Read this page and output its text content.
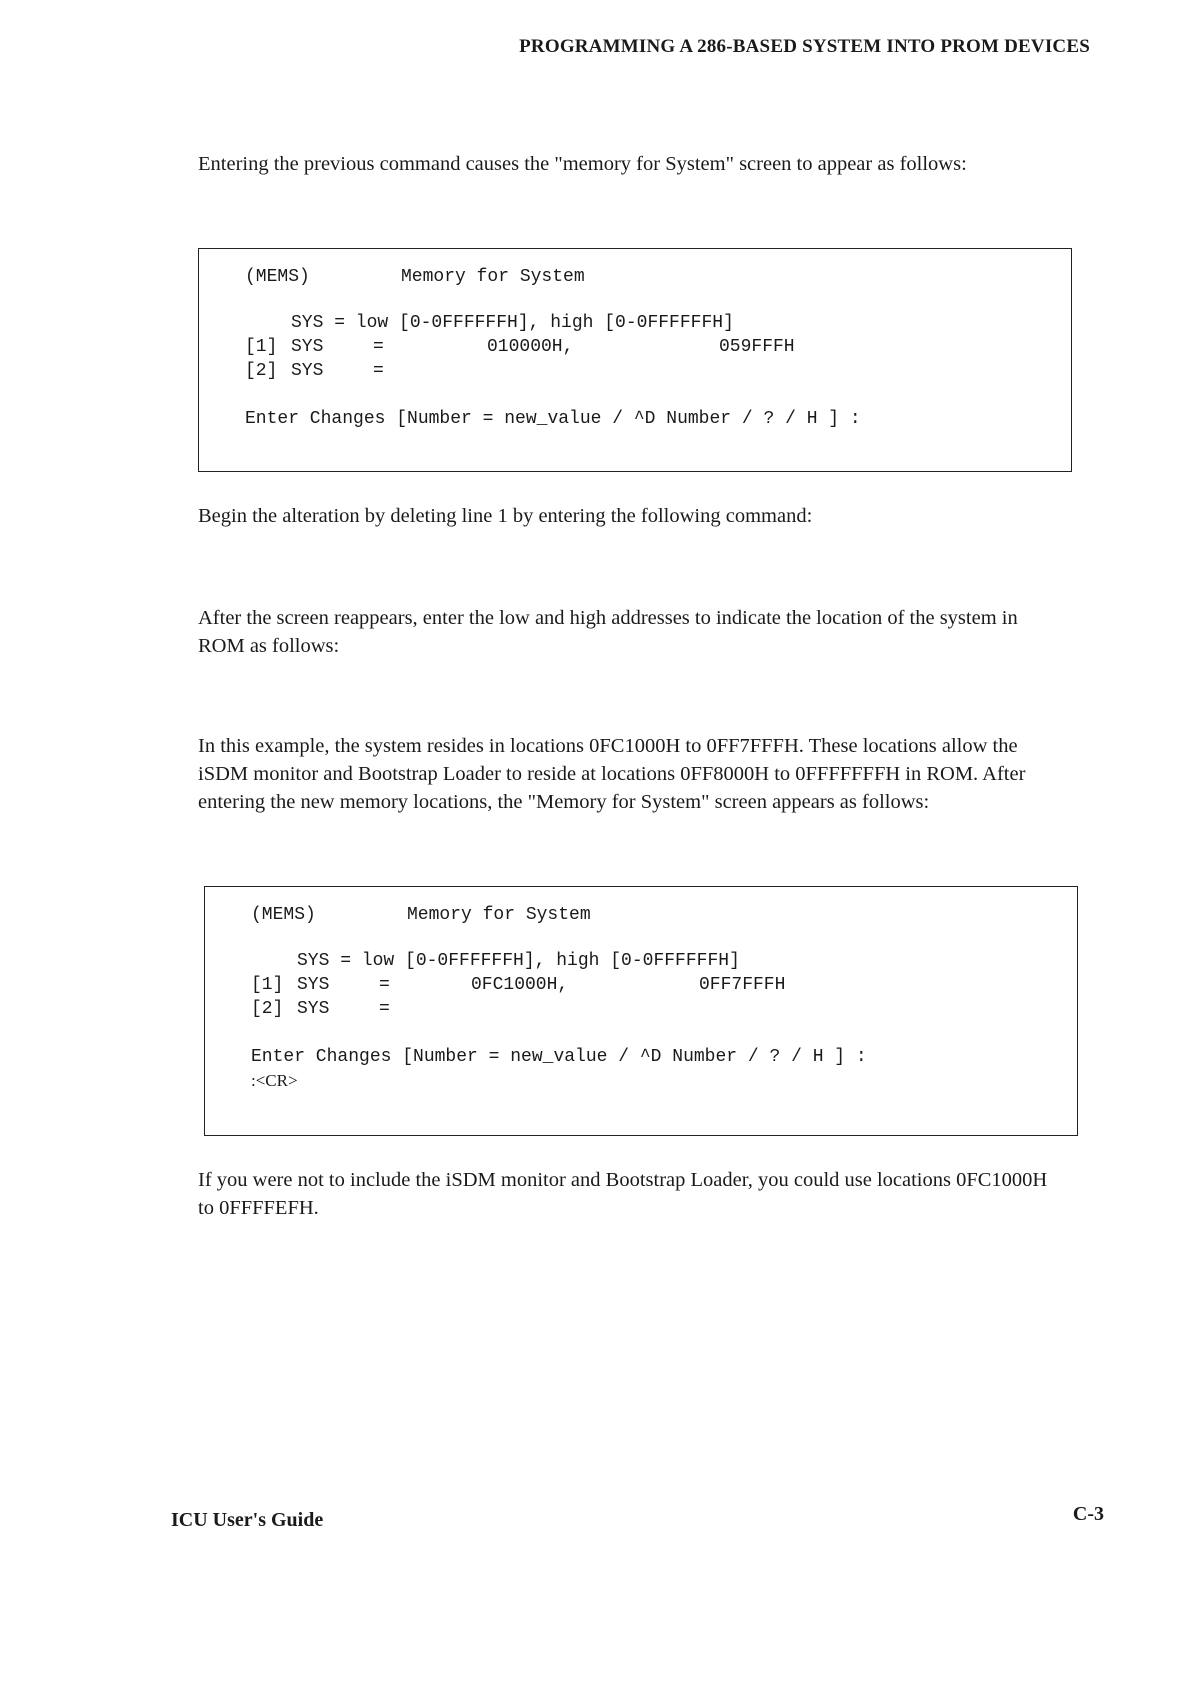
PROGRAMMING A 286-BASED SYSTEM INTO PROM DEVICES
Entering the previous command causes the "memory for System" screen to appear as follows:
(MEMS)	Memory for System
SYS = low [0-0FFFFFFH], high [0-0FFFFFFH]
[1] SYS	=	010000H,	059FFFH
[2] SYS	=
Enter Changes [Number = new_value / ^D Number / ? / H ] :
Begin the alteration by deleting line 1 by entering the following command:
After the screen reappears, enter the low and high addresses to indicate the location of the system in ROM as follows:
In this example, the system resides in locations 0FC1000H to 0FF7FFFH. These locations allow the iSDM monitor and Bootstrap Loader to reside at locations 0FF8000H to 0FFFFFFFH in ROM. After entering the new memory locations, the "Memory for System" screen appears as follows:
(MEMS)	Memory for System
SYS = low [0-0FFFFFFH], high [0-0FFFFFFH]
[1] SYS	=	0FC1000H,	0FF7FFFH
[2] SYS	=
Enter Changes [Number = new_value / ^D Number / ? / H ] :
:<CR>
If you were not to include the iSDM monitor and Bootstrap Loader, you could use locations 0FC1000H to 0FFFFEFH.
ICU User's Guide	C-3
